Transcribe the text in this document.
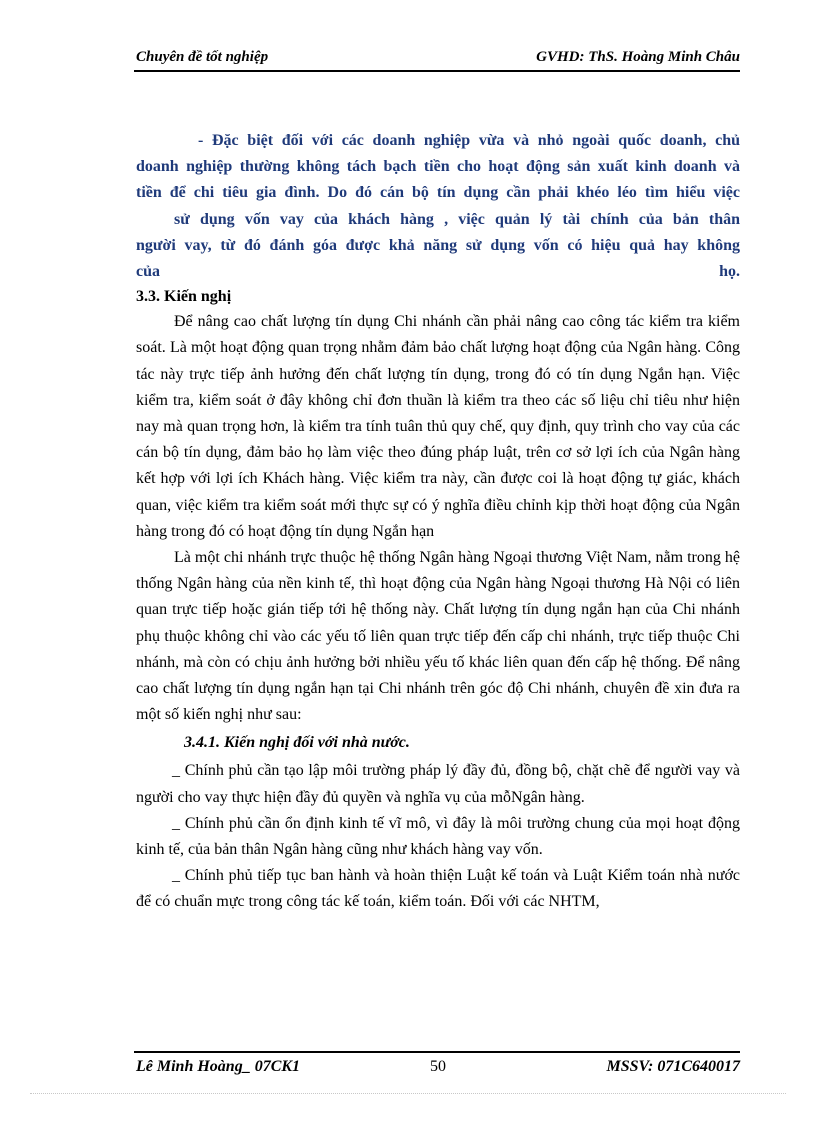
Chuyên đề tốt nghiệp	GVHD: ThS. Hoàng Minh Châu
- Đặc biệt đối với các doanh nghiệp vừa và nhỏ ngoài quốc doanh, chủ
doanh nghiệp thường không tách bạch tiền cho hoạt động sản xuất kinh doanh và
tiền để chi tiêu gia đình. Do đó cán bộ tín dụng cần phải khéo léo tìm hiểu việc
sử dụng vốn vay của khách hàng , việc quản lý tài chính của bản thân
người vay, từ đó đánh góa được khả năng sử dụng vốn có hiệu quả hay không
của	họ.

3.3. Kiến nghị

Để nâng cao chất lượng tín dụng Chi nhánh cần phải nâng cao công tác kiểm tra kiểm soát. Là một hoạt động quan trọng nhằm đảm bảo chất lượng hoạt động của Ngân hàng. Công tác này trực tiếp ảnh hưởng đến chất lượng tín dụng, trong đó có tín dụng Ngắn hạn. Việc kiểm tra, kiểm soát ở đây không chỉ đơn thuần là kiểm tra theo các số liệu chỉ tiêu như hiện nay mà quan trọng hơn, là kiểm tra tính tuân thủ quy chế, quy định, quy trình cho vay của các cán bộ tín dụng, đảm bảo họ làm việc theo đúng pháp luật, trên cơ sở lợi ích của Ngân hàng kết hợp với lợi ích Khách hàng. Việc kiểm tra này, cần được coi là hoạt động tự giác, khách quan, việc kiểm tra kiểm soát mới thực sự có ý nghĩa điều chỉnh kịp thời hoạt động của Ngân hàng trong đó có hoạt động tín dụng Ngắn hạn

Là một chi nhánh trực thuộc hệ thống Ngân hàng Ngoại thương Việt Nam, nằm trong hệ thống Ngân hàng của nền kinh tế, thì hoạt động của Ngân hàng Ngoại thương Hà Nội có liên quan trực tiếp hoặc gián tiếp tới hệ thống này. Chất lượng tín dụng ngắn hạn của Chi nhánh phụ thuộc không chỉ vào các yếu tố liên quan trực tiếp đến cấp chi nhánh, trực tiếp thuộc Chi nhánh, mà còn có chịu ảnh hưởng bởi nhiều yếu tố khác liên quan đến cấp hệ thống. Để nâng cao chất lượng tín dụng ngắn hạn tại Chi nhánh trên góc độ Chi nhánh, chuyên đề xin đưa ra một số kiến nghị như sau:

3.4.1. Kiến nghị đối với nhà nước.

_ Chính phủ cần tạo lập môi trường pháp lý đầy đủ, đồng bộ, chặt chẽ để người vay và người cho vay thực hiện đầy đủ quyền và nghĩa vụ của mỗNgân hàng.

_ Chính phủ cần ổn định kinh tế vĩ mô, vì đây là môi trường chung của mọi hoạt động kinh tế, của bản thân Ngân hàng cũng như khách hàng vay vốn.

_ Chính phủ tiếp tục ban hành và hoàn thiện Luật kế toán và Luật Kiểm toán nhà nước để có chuẩn mực trong công tác kế toán, kiểm toán. Đối với các NHTM,

Lê Minh Hoàng_ 07CK1	50	MSSV: 071C640017
